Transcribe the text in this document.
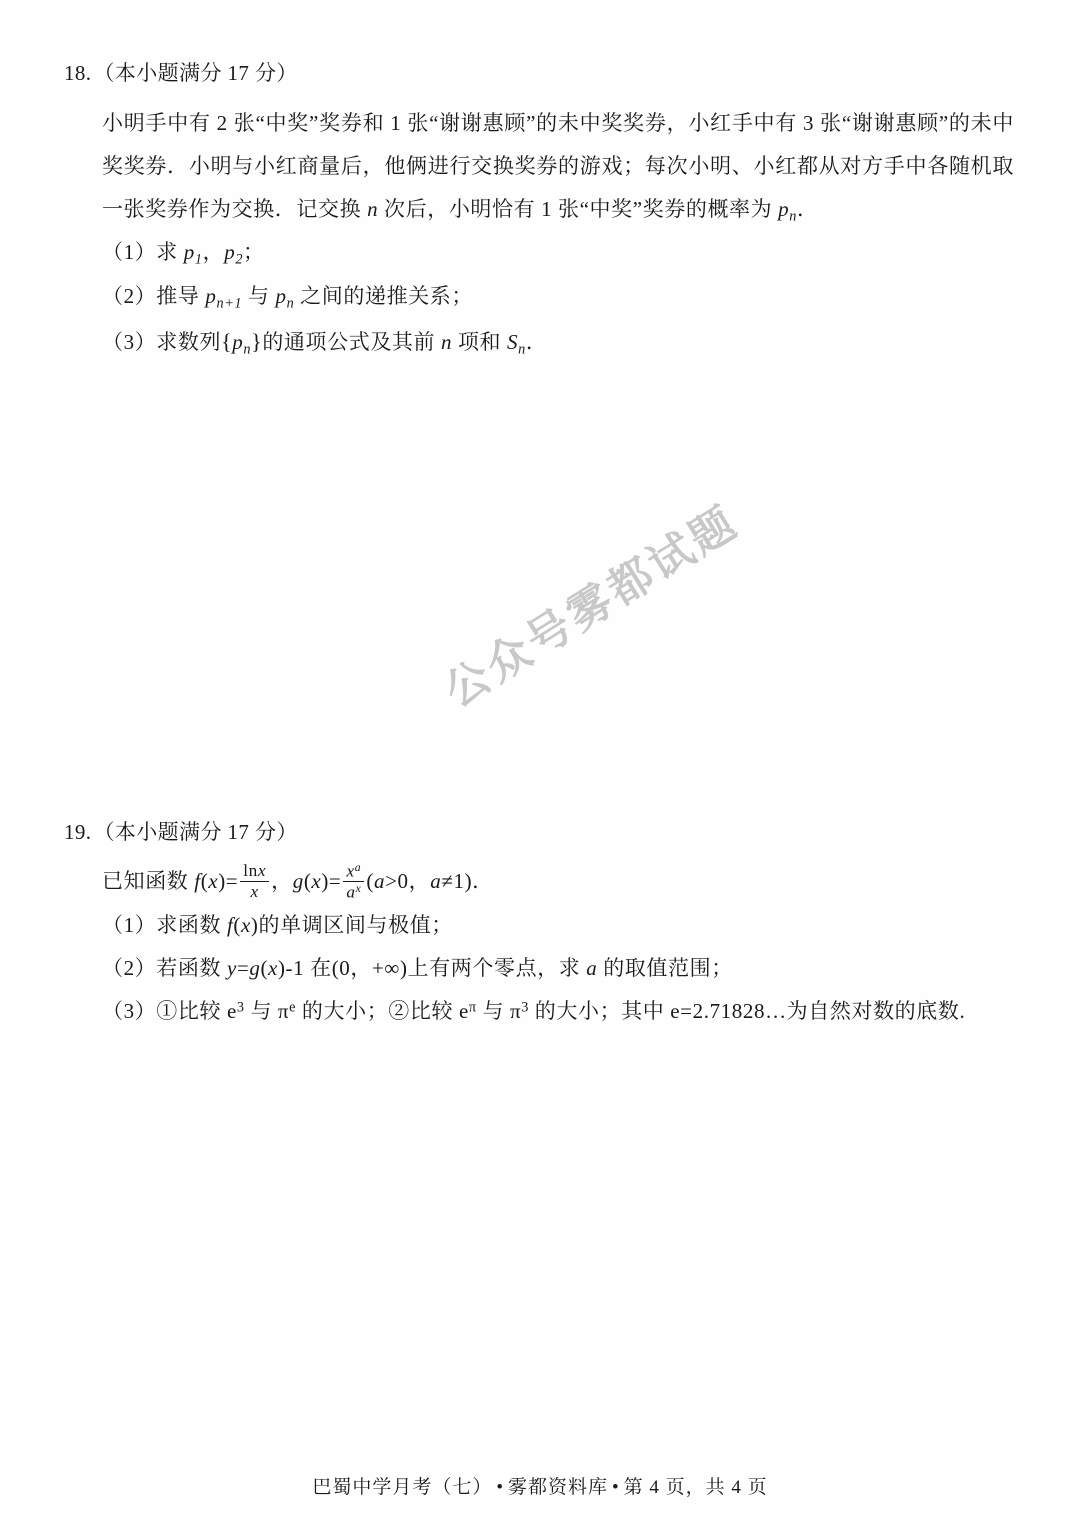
18.（本小题满分 17 分）

小明手中有 2 张“中奖”奖券和 1 张“谢谢惠顾”的未中奖奖券，小红手中有 3 张“谢谢惠顾”的未中奖奖券．小明与小红商量后，他俩进行交换奖券的游戏；每次小明、小红都从对方手中各随机取一张奖券作为交换．记交换 n 次后，小明恰有 1 张“中奖”奖券的概率为 $p_n$．

（1）求 $p_1$，$p_2$；

（2）推导 $p_{n+1}$ 与 $p_n$ 之间的递推关系；

（3）求数列$\{p_n\}$的通项公式及其前 n 项和 $S_n$．

19.（本小题满分 17 分）

已知函数 $f(x)= \frac{\ln x}{x}$ ，$g(x)= \frac{x^a}{a^x} (a>0$，a≠1)．

（1）求函数 f(x)的单调区间与极值；

（2）若函数 y=g(x)-1 在(0，+∞)上有两个零点，求 a 的取值范围；

（3）①比较 $e^3$ 与 $\pi^e$ 的大小；②比较 $e^\pi$ 与 $\pi^3$ 的大小；其中 e=2.71828…为自然对数的底数.

公众号雾都试题
巴蜀中学月考（七） • 雾都资料库 • 第 4 页，共 4 页
